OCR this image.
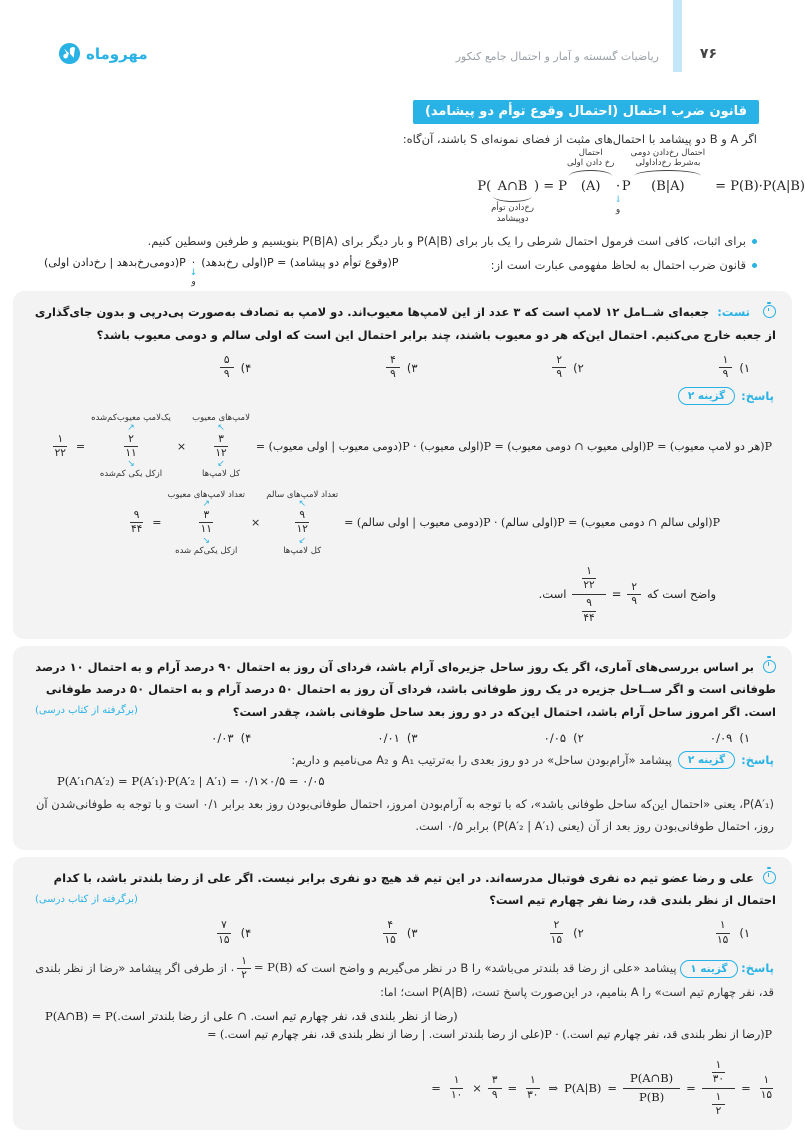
۷۶
ریاضیات گسسته و آمار و احتمال جامع کنکور
مهروماه
قانون ضرب احتمال (احتمال وقوع توأم دو پیشامد)

اگر A و B دو پیشامد با احتمال‌های مثبت از فضای نمونه‌ای S باشند، آن‌گاه:

P( A∩B
رخ‌دادن توأم
دوپیشامد
) = P
احتمال
رخ دادن اولی
(A) ·
↓
و
P
احتمال رخ‌دادن دومی
به‌شرط رخ‌داداولی
(B|A) = P(B)·P(A|B)

برای اثبات، کافی است فرمول احتمال شرطی را یک بار برای P(A|B) و بار دیگر برای P(B|A) بنویسیم و طرفین وسطین کنیم.

قانون ضرب احتمال به لحاظ مفهومی عبارت است از:

P(وقوع توأم دو پیشامد) = P(اولی رخ‌بدهد)
·
↓
و
P(دومی‌رخ‌بدهد | رخ‌دادن اولی)
تست: جعبه‌ای شــامل ۱۲ لامپ است که ۳ عدد از این لامپ‌ها معیوب‌اند. دو لامپ به تصادف به‌صورت پی‌درپی و بدون جای‌گذاری از جعبه خارج می‌کنیم. احتمال این‌که هر دو معیوب باشند، چند برابر احتمال این است که اولی سالم و دومی معیوب باشد؟
۱)
$\frac{۱}{۹}$
۲)
$\frac{۲}{۹}$
۳)
$\frac{۴}{۹}$
۴)
$\frac{۵}{۹}$
پاسخ:
گزینه ۲
P(هر دو لامپ معیوب) = P(اولی معیوب ∩ دومی معیوب) = P(اولی معیوب) · P(دومی معیوب | اولی معیوب) =
لامپ‌های معیوب
↖
$\frac{۳}{۱۲}$
↙
کل لامپ‌ها
×
یک‌لامپ معیوب‌کم‌شده
↗
$\frac{۲}{۱۱}$
↘
ازکل یکی کم‌شده
=
$\frac{۱}{۲۲}$
P(اولی سالم ∩ دومی معیوب) = P(اولی سالم) · P(دومی معیوب | اولی سالم) =
تعداد لامپ‌های سالم
↖
$\frac{۹}{۱۲}$
↙
کل لامپ‌ها
×
تعداد لامپ‌های معیوب
↗
$\frac{۳}{۱۱}$
↘
ازکل یکی‌کم شده
=
$\frac{۹}{۴۴}$
واضح است که
$\frac{۱}{۲۲}$
$\frac{۹}{۴۴}$
= $\frac{۲}{۹}$
است.
بر اساس بررسی‌های آماری، اگر یک روز ساحل جزیره‌ای آرام باشد، فردای آن روز به احتمال ۹۰ درصد آرام و به احتمال ۱۰ درصد طوفانی است و اگر ســاحل جزیره در یک روز طوفانی باشد، فردای آن روز به احتمال ۵۰ درصد آرام و به احتمال ۵۰ درصد طوفانی است. اگر امروز ساحل آرام باشد، احتمال این‌که در دو روز بعد ساحل طوفانی باشد، چقدر است؟
(برگرفته از کتاب درسی)
۱)
۰/۰۹
۲)
۰/۰۵
۳)
۰/۰۱
۴)
۰/۰۳
پاسخ:
گزینه ۲
پیشامد «آرام‌بودن ساحل» در دو روز بعدی را به‌ترتیب A₁ و A₂ می‌نامیم و داریم:
P(A′₁∩A′₂) = P(A′₁)·P(A′₂ | A′₁) = ۰/۱×۰/۵ = ۰/۰۵

P(A′₁)، یعنی «احتمال این‌که ساحل طوفانی باشد»، که با توجه به آرام‌بودن امروز، احتمال طوفانی‌بودن روز بعد برابر ۰/۱ است و با توجه به طوفانی‌شدن آن روز، احتمال طوفانی‌بودن روز بعد از آن (یعنی P(A′₂ | A′₁)) برابر ۰/۵ است.

علی و رضا عضو تیم ده نفری فوتبال مدرسه‌اند. در این تیم قد هیچ دو نفری برابر نیست. اگر علی از رضا بلندتر باشد، با کدام احتمال از نظر بلندی قد، رضا نفر چهارم تیم است؟
(برگرفته از کتاب درسی)
۱)
$\frac{۱}{۱۵}$
۲)
$\frac{۲}{۱۵}$
۳)
$\frac{۴}{۱۵}$
۴)
$\frac{۷}{۱۵}$

پاسخ: گزینه ۱ پیشامد «علی از رضا قد بلندتر می‌باشد» را B در نظر می‌گیریم و واضح است که
P(B) =
$\frac{۱}{۲}$
.
از طرفی اگر پیشامد «رضا از نظر بلندی قد، نفر چهارم تیم است» را A بنامیم، در این‌صورت پاسخ تست، P(A|B) است؛ اما:

P(A∩B) = P(رضا از نظر بلندی قد، نفر چهارم تیم است. ∩ علی از رضا بلندتر است.)
P(رضا از نظر بلندی قد، نفر چهارم تیم است.) · P(علی از رضا بلندتر است. | رضا از نظر بلندی قد، نفر چهارم تیم است.) =
= $\frac{۱}{۱۰} \times \frac{۳}{۹} = \frac{۱}{۳۰}$ ⇒ $P(A|B) = \frac{P(A\cap B)}{P(B)}$ =
$\frac{۱}{۳۰}$
$\frac{۱}{۲}$
= $\frac{۱}{۱۵}$
